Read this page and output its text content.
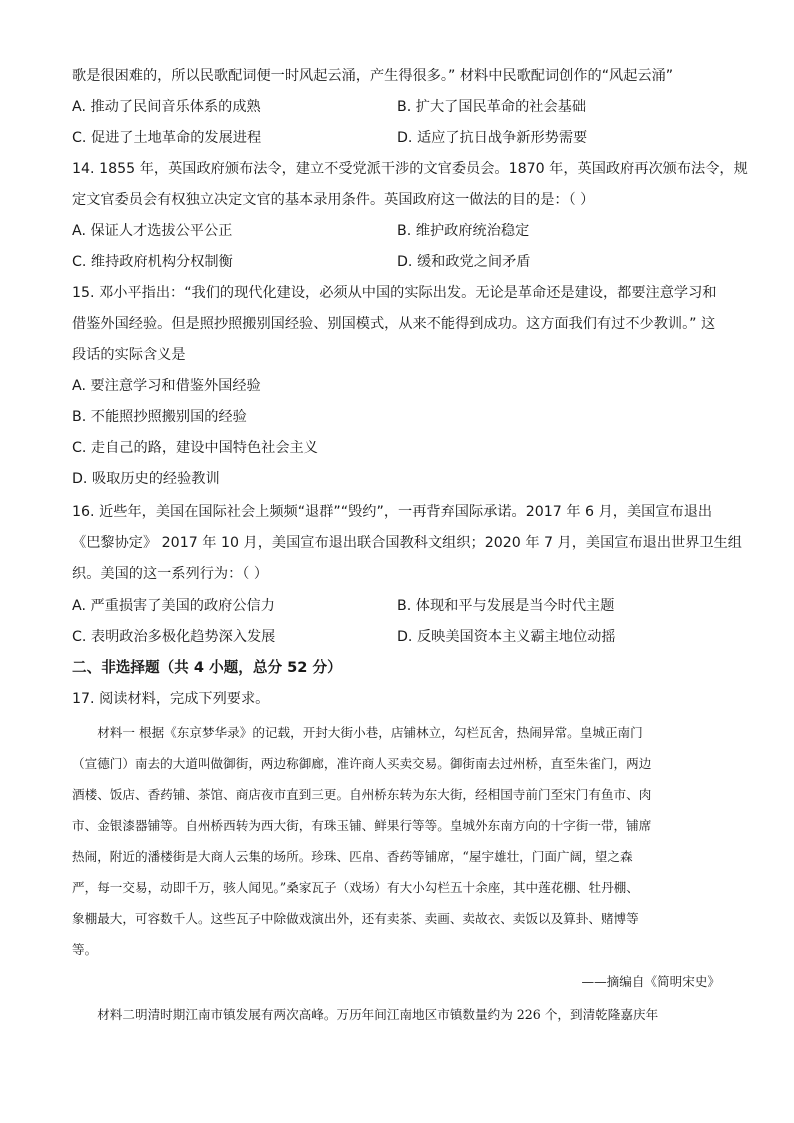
歌是很困难的，所以民歌配词便一时风起云涌，产生得很多。” 材料中民歌配词创作的“风起云涌”
A. 推动了民间音乐体系的成熟	B. 扩大了国民革命的社会基础
C. 促进了土地革命的发展进程	D. 适应了抗日战争新形势需要
14. 1855 年，英国政府颁布法令，建立不受党派干涉的文官委员会。1870 年，英国政府再次颁布法令，规
定文官委员会有权独立决定文官的基本录用条件。英国政府这一做法的目的是：（ ）
A. 保证人才选拔公平公正	B. 维护政府统治稳定
C. 维持政府机构分权制衡	D. 缓和政党之间矛盾
15. 邓小平指出：“我们的现代化建设，必须从中国的实际出发。无论是革命还是建设，都要注意学习和
借鉴外国经验。但是照抄照搬别国经验、别国模式，从来不能得到成功。这方面我们有过不少教训。” 这
段话的实际含义是
A. 要注意学习和借鉴外国经验
B. 不能照抄照搬别国的经验
C. 走自己的路，建设中国特色社会主义
D. 吸取历史的经验教训
16. 近些年，美国在国际社会上频频“退群”“毁约”，一再背弃国际承诺。2017 年 6 月，美国宣布退出
《巴黎协定》 2017 年 10 月，美国宣布退出联合国教科文组织；2020 年 7 月，美国宣布退出世界卫生组
织。美国的这一系列行为：（ ）
A. 严重损害了美国的政府公信力	B. 体现和平与发展是当今时代主题
C. 表明政治多极化趋势深入发展	D. 反映美国资本主义霸主地位动摇
二、非选择题（共 4 小题，总分 52 分）
17. 阅读材料，完成下列要求。
　　材料一 根据《东京梦华录》的记载，开封大街小巷，店铺林立，勾栏瓦舍，热闹异常。皇城正南门
（宣德门）南去的大道叫做御街，两边称御廊，准许商人买卖交易。御街南去过州桥，直至朱雀门，两边
酒楼、饭店、香药铺、茶馆、商店夜市直到三更。自州桥东转为东大街，经相国寺前门至宋门有鱼市、肉
市、金银漆器铺等。自州桥西转为西大街，有珠玉铺、鲜果行等等。皇城外东南方向的十字街一带，铺席
热闹，附近的潘楼街是大商人云集的场所。珍珠、匹帛、香药等铺席，“屋宇雄壮，门面广阔，望之森
严，每一交易，动即千万，骇人闻见。”桑家瓦子（戏场）有大小勾栏五十余座，其中莲花棚、牡丹棚、
象棚最大，可容数千人。这些瓦子中除做戏演出外，还有卖茶、卖画、卖故衣、卖饭以及算卦、赌博等
等。
——摘编自《简明宋史》
　　材料二明清时期江南市镇发展有两次高峰。万历年间江南地区市镇数量约为 226 个，到清乾隆嘉庆年
